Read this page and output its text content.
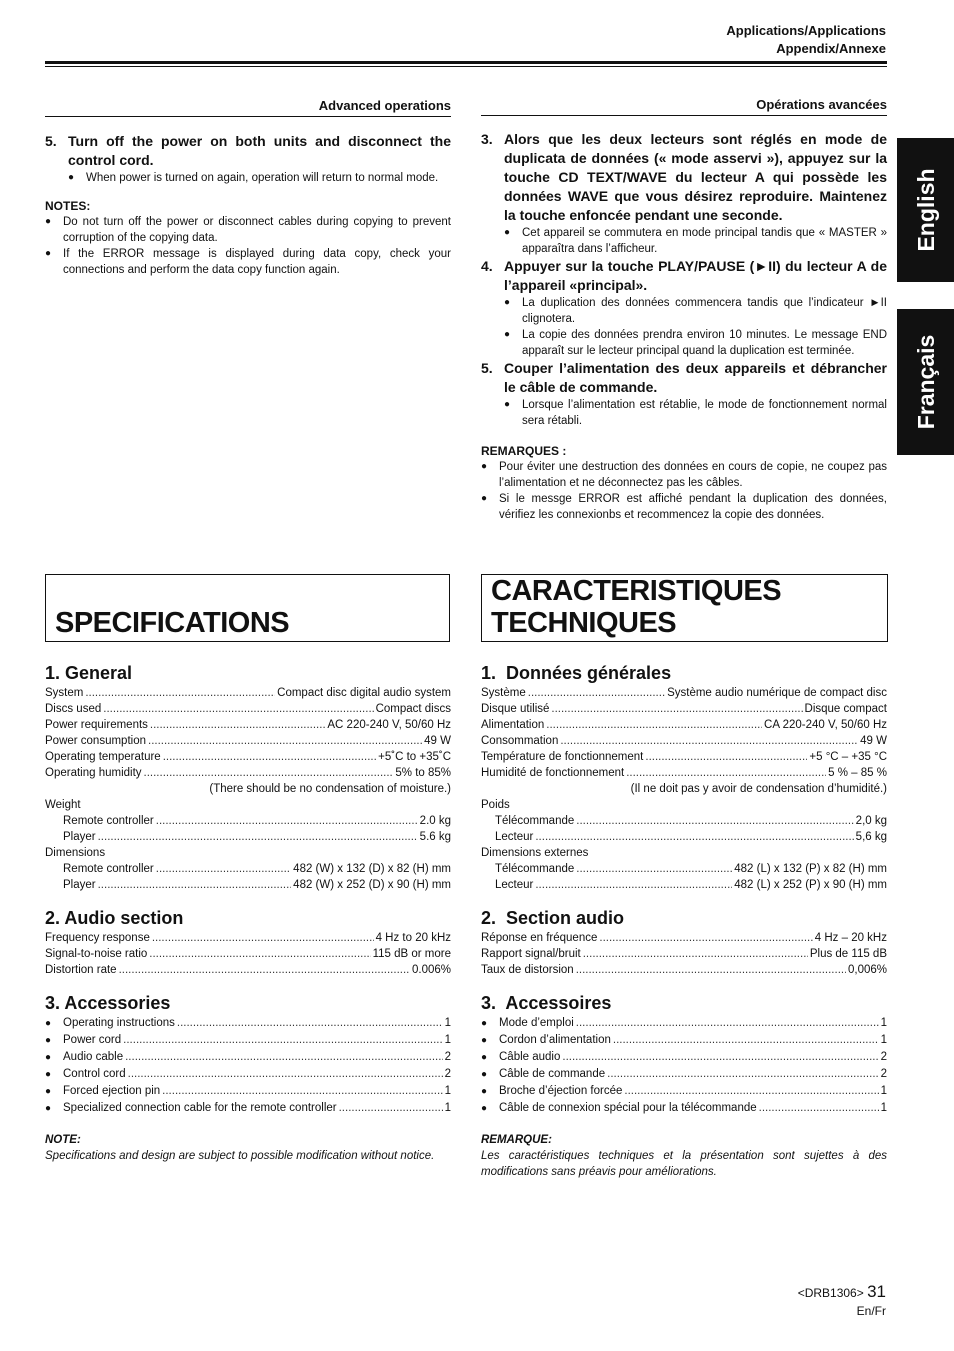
Applications/Applications
Appendix/Annexe
English
Français
Advanced operations
5. Turn off the power on both units and disconnect the control cord.
●	When power is turned on again, operation will return to normal mode.
NOTES:
●	Do not turn off the power or disconnect cables during copying to prevent corruption of the copying data.
●	If the ERROR message is displayed during data copy, check your connections and perform the data copy function again.
Opérations avancées
3. Alors que les deux lecteurs sont réglés en mode de duplicata de données (« mode asservi »), appuyez sur la touche CD TEXT/WAVE du lecteur A qui possède les données WAVE que vous désirez reproduire. Maintenez la touche enfoncée pendant une seconde.
●	Cet appareil se commutera en mode principal tandis que « MASTER » apparaîtra dans l’afficheur.
4. Appuyer sur la touche PLAY/PAUSE (►II) du lecteur A de l’appareil «principal».
●	La duplication des données commencera tandis que l’indicateur ►II clignotera.
●	La copie des données prendra environ 10 minutes. Le message END apparaît sur le lecteur principal quand la duplication est terminée.
5. Couper l’alimentation des deux appareils et débrancher le câble de commande.
●	Lorsque l’alimentation est rétablie, le mode de fonctionnement normal sera rétabli.
REMARQUES :
●	Pour éviter une destruction des données en cours de copie, ne coupez pas l’alimentation et ne déconnectez pas les câbles.
●	Si le messge ERROR est affiché pendant la duplication des données, vérifiez les connexionbs et recommencez la copie des données.
SPECIFICATIONS
CARACTERISTIQUES
TECHNIQUES
1. General
System .....	Compact disc digital audio system
Discs used .....	Compact discs
Power requirements .....	AC 220-240 V, 50/60 Hz
Power consumption .....	49 W
Operating temperature .....	+5˚C to +35˚C
Operating humidity .....	5% to 85%
(There should be no condensation of moisture.)
Weight
Remote controller .....	2.0 kg
Player .....	5.6 kg
Dimensions
Remote controller .....	482 (W) x 132 (D) x 82 (H) mm
Player .....	482 (W) x 252 (D) x 90 (H) mm
2. Audio section
Frequency response .....	4 Hz to 20 kHz
Signal-to-noise ratio .....	115 dB or more
Distortion rate .....	0.006%
3. Accessories
●	Operating instructions .....	1
●	Power cord .....	1
●	Audio cable .....	2
●	Control cord .....	2
●	Forced ejection pin .....	1
●	Specialized connection cable for the remote controller .....	1
NOTE:
Specifications and design are subject to possible modification without notice.
1.  Données générales
Système .....	Système audio numérique de compact disc
Disque utilisé .....	Disque compact
Alimentation .....	CA 220-240 V, 50/60 Hz
Consommation .....	49 W
Température de fonctionnement .....	+5 °C – +35 °C
Humidité de fonctionnement .....	5 % – 85 %
(Il ne doit pas y avoir de condensation d’humidité.)
Poids
Télécommande .....	2,0 kg
Lecteur .....	5,6 kg
Dimensions externes
Télécommande .....	482 (L) x 132 (P) x 82 (H) mm
Lecteur .....	482 (L) x 252 (P) x 90 (H) mm
2.  Section audio
Réponse en fréquence .....	4 Hz – 20 kHz
Rapport signal/bruit .....	Plus de 115 dB
Taux de distorsion .....	0,006%
3.  Accessoires
●	Mode d’emploi .....	1
●	Cordon d’alimentation .....	1
●	Câble audio .....	2
●	Câble de commande .....	2
●	Broche d’éjection forcée .....	1
●	Câble de connexion spécial pour la télécommande .....	1
REMARQUE:
Les caractéristiques techniques et la présentation sont sujettes à des modifications sans préavis pour améliorations.
<DRB1306> 31
En/Fr
